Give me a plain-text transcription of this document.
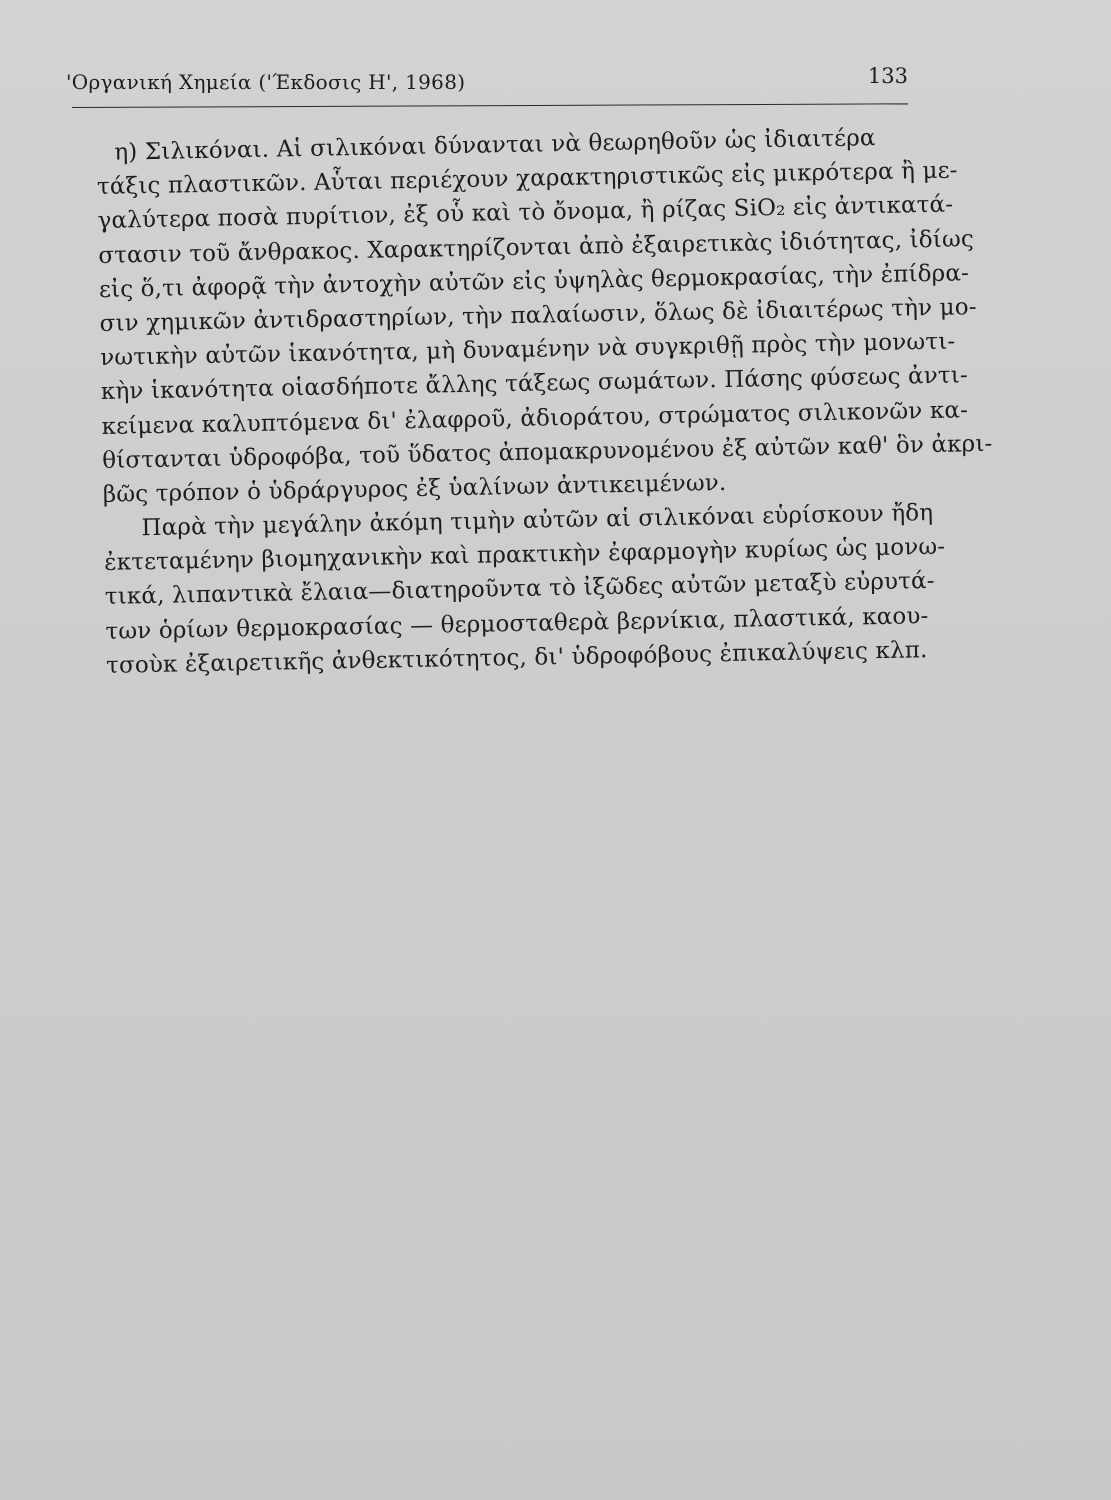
'Οργανική Χημεία ('Έκδοσις Η', 1968)	133
η) Σιλικόναι. Αἱ σιλικόναι δύνανται νὰ θεωρηθοῦν ὡς ἰδιαιτέρα
τάξις πλαστικῶν. Αὗται περιέχουν χαρακτηριστικῶς εἰς μικρότερα ἢ με-
γαλύτερα ποσὰ πυρίτιον, ἐξ οὗ καὶ τὸ ὄνομα, ἢ ρίζας SiO₂ εἰς ἀντικατά-
στασιν τοῦ ἄνθρακος. Χαρακτηρίζονται ἀπὸ ἐξαιρετικὰς ἰδιότητας, ἰδίως
εἰς ὅ,τι ἀφορᾷ τὴν ἀντοχὴν αὐτῶν εἰς ὑψηλὰς θερμοκρασίας, τὴν ἐπίδρα-
σιν χημικῶν ἀντιδραστηρίων, τὴν παλαίωσιν, ὅλως δὲ ἰδιαιτέρως τὴν μο-
νωτικὴν αὐτῶν ἱκανότητα, μὴ δυναμένην νὰ συγκριθῇ πρὸς τὴν μονωτι-
κὴν ἱκανότητα οἱασδήποτε ἄλλης τάξεως σωμάτων. Πάσης φύσεως ἀντι-
κείμενα καλυπτόμενα δι' ἐλαφροῦ, ἀδιοράτου, στρώματος σιλικονῶν κα-
θίστανται ὑδροφόβα, τοῦ ὕδατος ἀπομακρυνομένου ἐξ αὐτῶν καθ' ὃν ἀκρι-
βῶς τρόπον ὁ ὑδράργυρος ἐξ ὑαλίνων ἀντικειμένων.
Παρὰ τὴν μεγάλην ἀκόμη τιμὴν αὐτῶν αἱ σιλικόναι εὑρίσκουν ἤδη
ἐκτεταμένην βιομηχανικὴν καὶ πρακτικὴν ἐφαρμογὴν κυρίως ὡς μονω-
τικά, λιπαντικὰ ἔλαια—διατηροῦντα τὸ ἰξῶδες αὐτῶν μεταξὺ εὐρυτά-
των ὁρίων θερμοκρασίας — θερμοσταθερὰ βερνίκια, πλαστικά, καου-
τσοὺκ ἐξαιρετικῆς ἀνθεκτικότητος, δι' ὑδροφόβους ἐπικαλύψεις κλπ.
